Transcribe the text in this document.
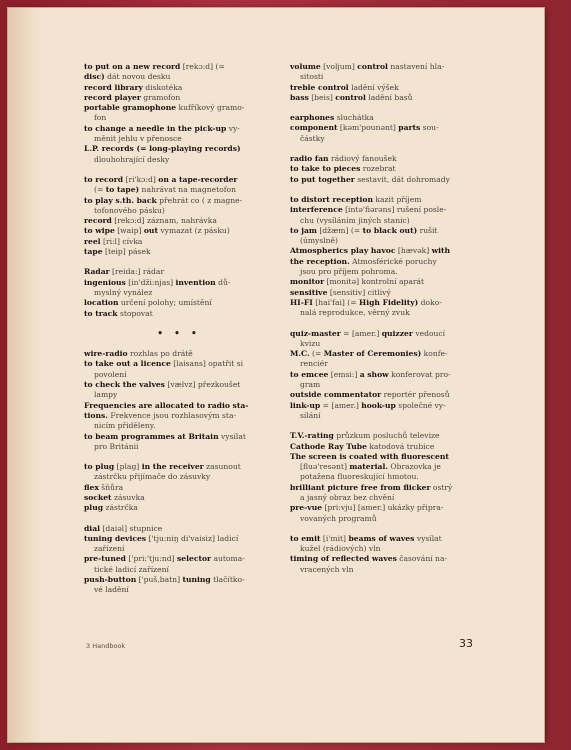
to put on a new record [rekɔ:d] (=
disc) dát novou desku
record library diskotéka
record player gramofon
portable gramophone kufříkový gramo-
fon
to change a needle in the pick-up vy-
měnit jehlu v přenosce
L.P. records (= long-playing records)
dlouhohrající desky
to record [ri'kɔ:d] on a tape-recorder
(= to tape) nahrávat na magnetofon
to play s.th. back přehrát co ( z magne-
tofonového pásku)
record [rekɔ:d] záznam, nahrávka
to wipe [waip] out vymazat (z pásku)
reel [ri:l] cívka
tape [teip] pásek
Radar [reida:] rádar
ingenious [in'dži:njas] invention dů-
myslný vynález
location určení polohy; umístění
to track stopovat
• • •
wire-radio rozhlas po drátě
to take out a licence [laisans] opatřit si
povolení
to check the valves [vælvz] přezkoušet
lampy
Frequencies are allocated to radio sta-
tions. Frekvence jsou rozhlasovým sta-
nicím přiděleny.
to beam programmes at Britain vysílat
pro Británii
to plug [plag] in the receiver zasunout
zástrčku přijímače do zásuvky
flex šňůra
socket zásuvka
plug zástrčka
dial [daiəl] stupnice
tuning devices ['tju:niŋ di'vaisiz] ladicí
zařízení
pre-tuned ['pri:'tju:nd] selector automa-
tické ladicí zařízení
push-button ['puš,batn] tuning tlačítko-
vé ladění
volume [voljum] control nastavení hla-
sitosti
treble control ladění výšek
bass [beis] control ladění basů
earphones sluchátka
component [kəm'pounənt] parts sou-
částky
radio fan rádiový fanoušek
to take to pieces rozebrat
to put together sestavit, dát dohromady
to distort reception kazit příjem
interference [intə'fiərəns] rušení posle-
chu (vysíláním jiných stanic)
to jam [džæm] (= to black out) rušit
(úmyslně)
Atmospherics play havoc [hævək] with
the reception. Atmosférické poruchy
jsou pro příjem pohroma.
monitor [monitə] kontrolní aparát
sensitive [sensitiv] citlivý
HI-FI [hai'fai] (= High Fidelity) doko-
nalá reprodukce, věrný zvuk
quiz-master = [amer.] quizzer vedoucí
kvizu
M.C. (= Master of Ceremonies) konfe-
renciér
to emcee [emsi:] a show konferovat pro-
gram
outside commentator reportér přenosů
link-up = [amer.] hook-up společné vy-
sílání
T.V.-rating průzkum posluchů televize
Cathode Ray Tube katodová trubice
The screen is coated with fluorescent
[fluə'resənt] material. Obrazovka je
potažena fluoreskující hmotou.
brilliant picture free from flicker ostrý
a jasný obraz bez chvění
pre-vue [pri:vju] [amer.] ukázky připra-
vovaných programů
to emit [i'mit] beams of waves vysílat
kužel (rádiových) vln
timing of reflected waves časování na-
vracených vln
3 Handbook	33
